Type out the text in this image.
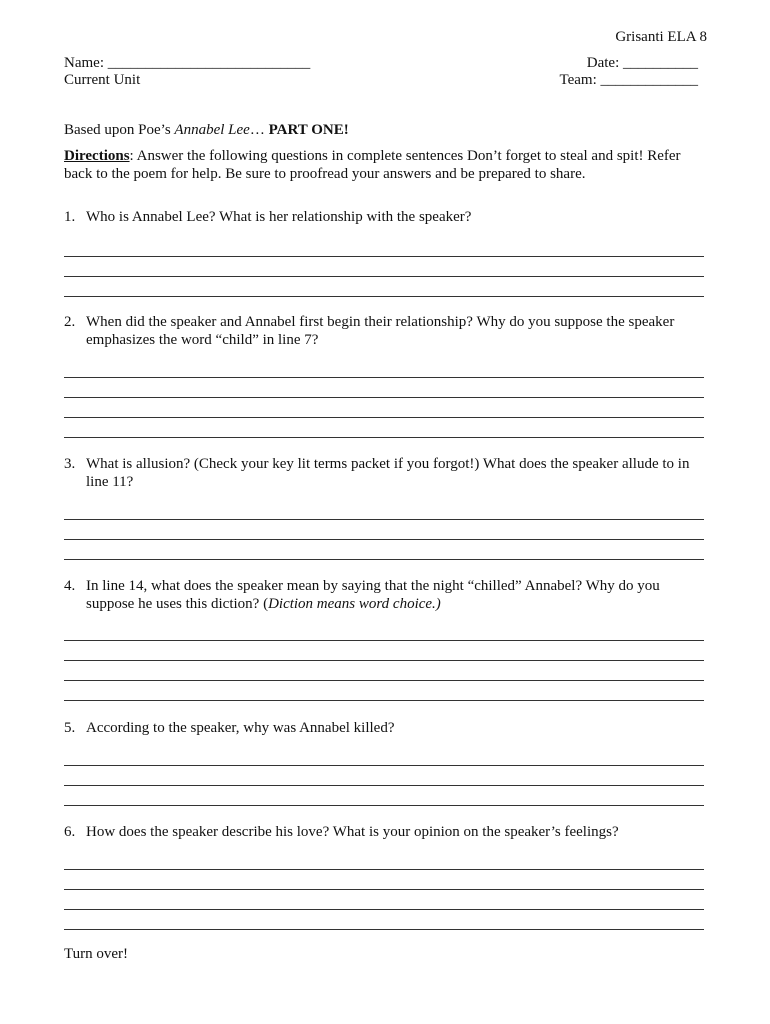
Grisanti ELA 8
Name: ___________________________
Current Unit
Date: __________
Team: _____________
Based upon Poe’s Annabel Lee… PART ONE!
Directions: Answer the following questions in complete sentences Don’t forget to steal and spit! Refer back to the poem for help. Be sure to proofread your answers and be prepared to share.
1. Who is Annabel Lee? What is her relationship with the speaker?
2. When did the speaker and Annabel first begin their relationship? Why do you suppose the speaker emphasizes the word “child” in line 7?
3. What is allusion? (Check your key lit terms packet if you forgot!) What does the speaker allude to in line 11?
4. In line 14, what does the speaker mean by saying that the night “chilled” Annabel? Why do you suppose he uses this diction? (Diction means word choice.)
5. According to the speaker, why was Annabel killed?
6. How does the speaker describe his love? What is your opinion on the speaker’s feelings?
Turn over!
